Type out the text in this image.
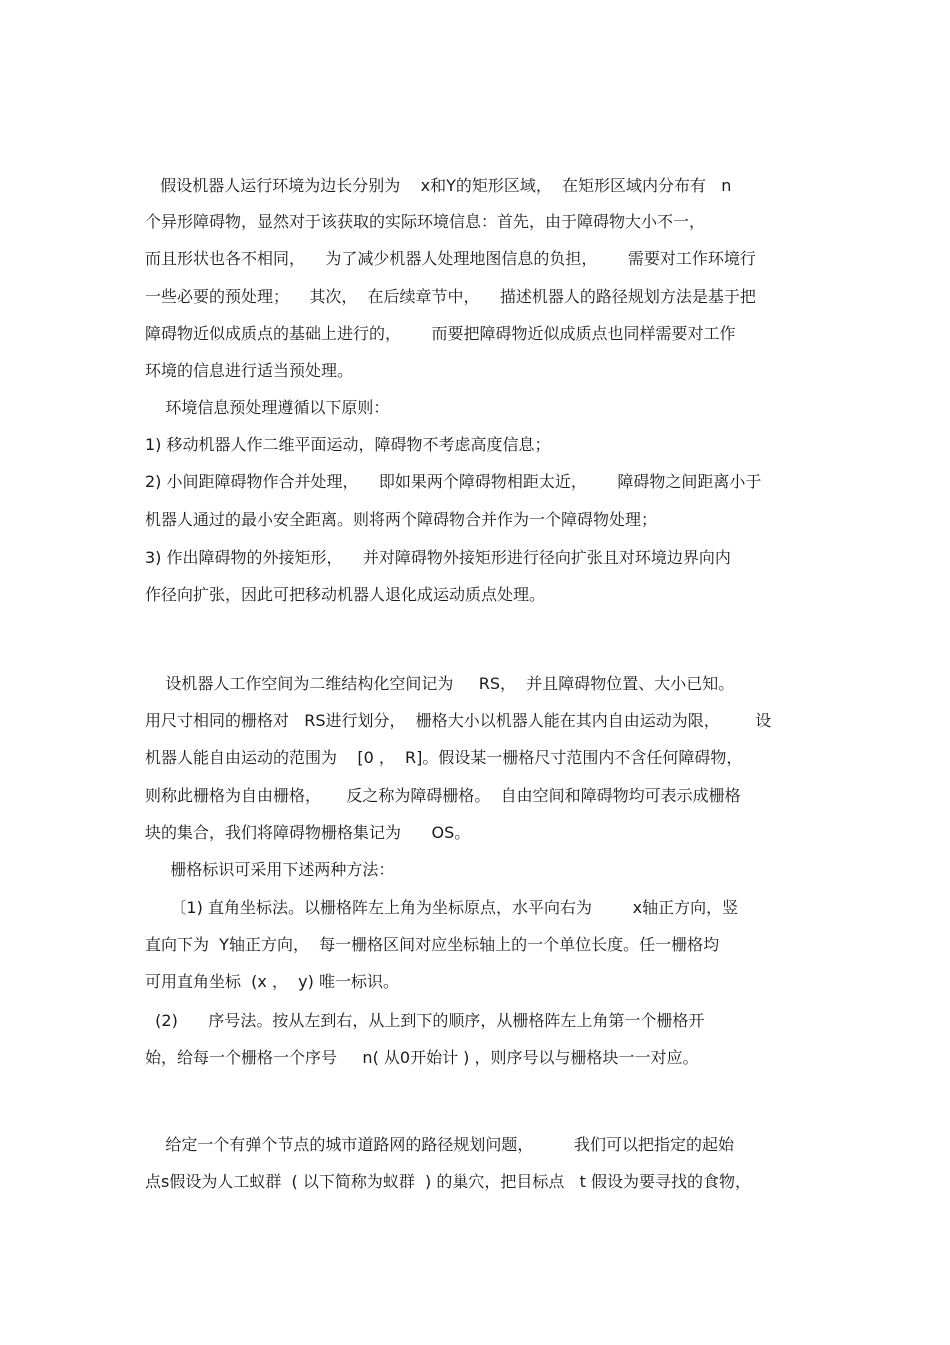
假设机器人运行环境为边长分别为    x和Y的矩形区域，  在矩形区域内分布有   n
个异形障碍物，显然对于该获取的实际环境信息：首先，由于障碍物大小不一，
而且形状也各不相同，    为了减少机器人处理地图信息的负担，      需要对工作环境行
一些必要的预处理；    其次，  在后续章节中，    描述机器人的路径规划方法是基于把
障碍物近似成质点的基础上进行的，      而要把障碍物近似成质点也同样需要对工作
环境的信息进行适当预处理。
环境信息预处理遵循以下原则：
1) 移动机器人作二维平面运动，障碍物不考虑高度信息；
2) 小间距障碍物作合并处理，    即如果两个障碍物相距太近，      障碍物之间距离小于
机器人通过的最小安全距离。则将两个障碍物合并作为一个障碍物处理；
3) 作出障碍物的外接矩形，    并对障碍物外接矩形进行径向扩张且对环境边界向内
作径向扩张，因此可把移动机器人退化成运动质点处理。
设机器人工作空间为二维结构化空间记为     RS，  并且障碍物位置、大小已知。
用尺寸相同的栅格对   RS进行划分，  栅格大小以机器人能在其内自由运动为限，       设
机器人能自由运动的范围为    [0 ，  R]。假设某一栅格尺寸范围内不含任何障碍物，
则称此栅格为自由栅格，     反之称为障碍栅格。  自由空间和障碍物均可表示成栅格
块的集合，我们将障碍物栅格集记为      OS。
栅格标识可采用下述两种方法：
〔1) 直角坐标法。以栅格阵左上角为坐标原点，水平向右为        x轴正方向，竖
直向下为  Y轴正方向，  每一栅格区间对应坐标轴上的一个单位长度。任一栅格均
可用直角坐标  (x ，  y) 唯一标识。
(2)      序号法。按从左到右，从上到下的顺序，从栅格阵左上角第一个栅格开
始，给每一个栅格一个序号     n( 从0开始计 ) ，则序号以与栅格块一一对应。
给定一个有弹个节点的城市道路网的路径规划问题，        我们可以把指定的起始
点s假设为人工蚁群  ( 以下简称为蚁群  ) 的巢穴，把目标点   t 假设为要寻找的食物，
